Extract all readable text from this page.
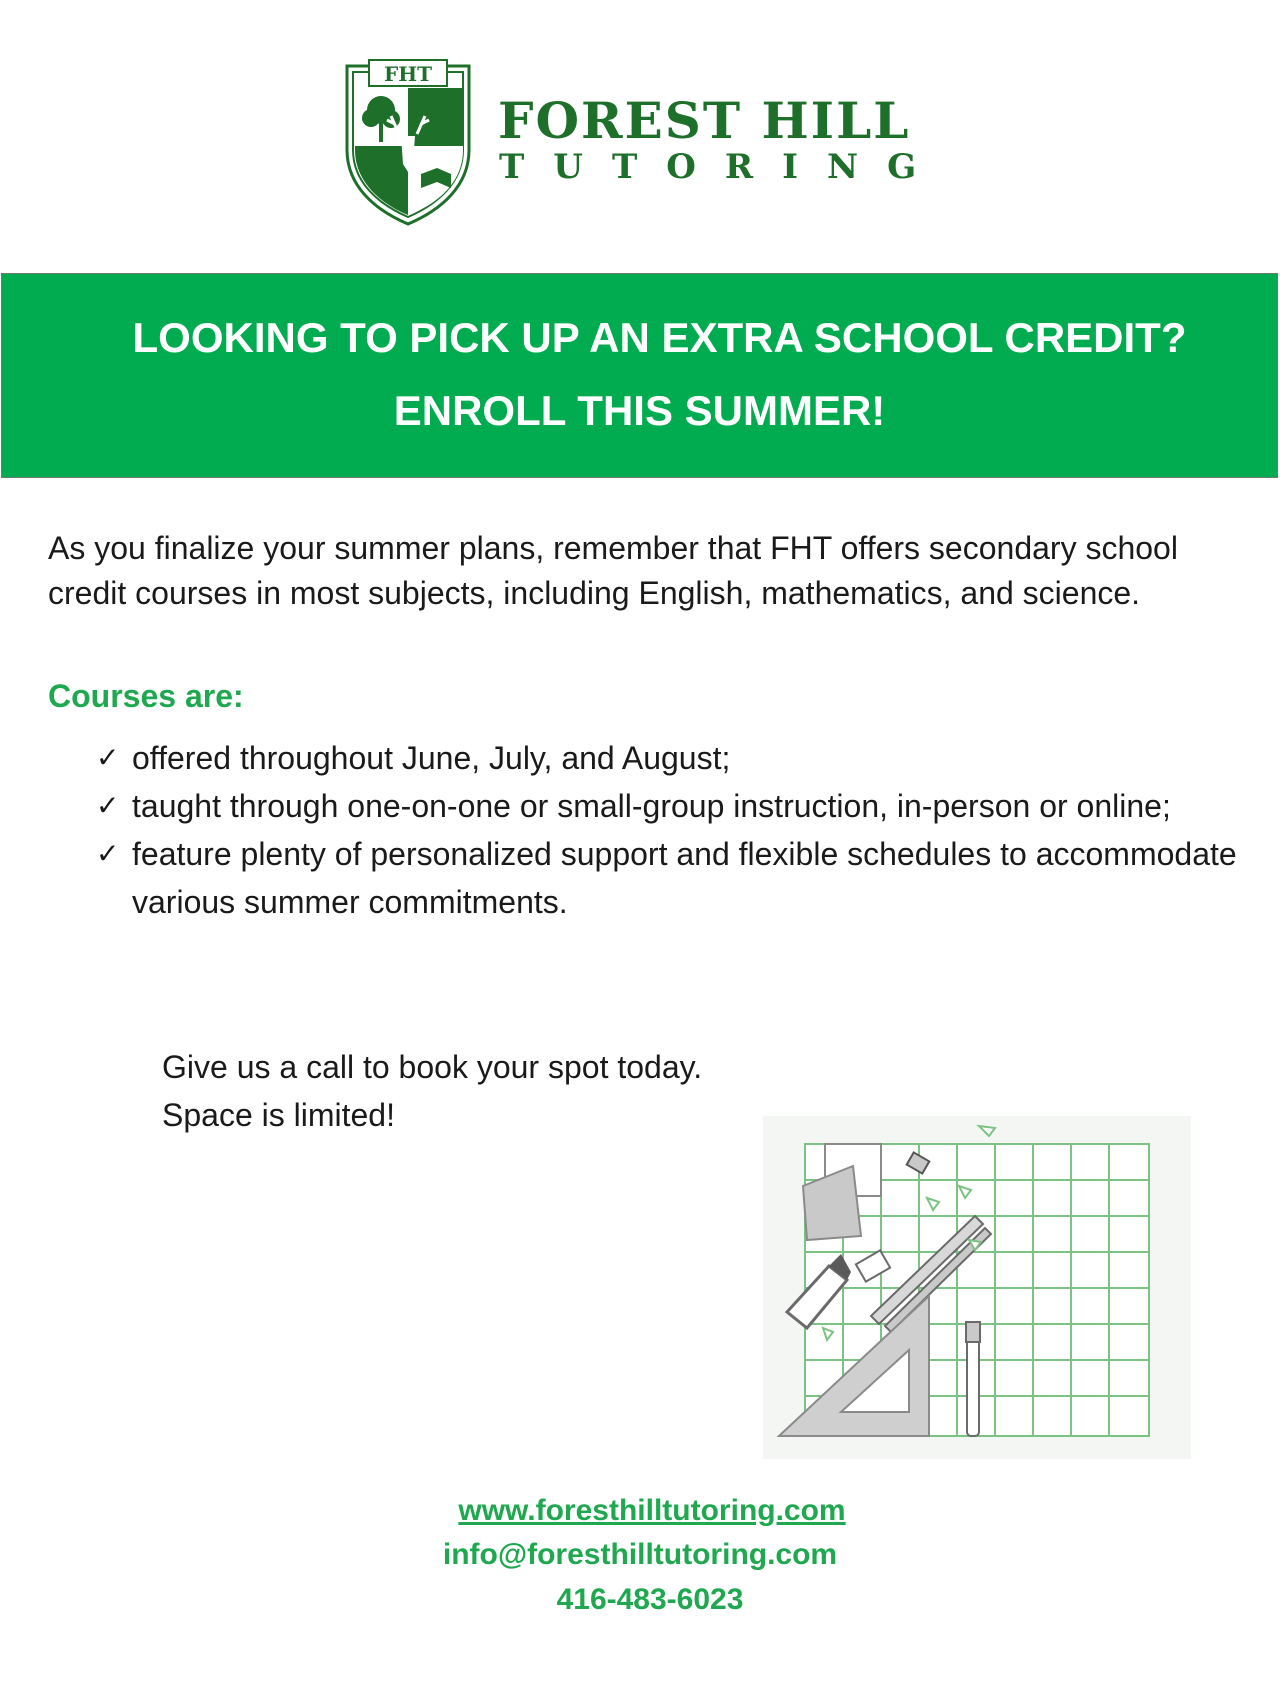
FHT
FOREST HILL
TUTORING
LOOKING TO PICK UP AN EXTRA SCHOOL CREDIT?
ENROLL THIS SUMMER!

As you finalize your summer plans, remember that FHT offers secondary school credit courses in most subjects, including English, mathematics, and science.

Courses are:
✓ offered throughout June, July, and August;
✓ taught through one-on-one or small-group instruction, in-person or online;
✓ feature plenty of personalized support and flexible schedules to accommodate various summer commitments.
Give us a call to book your spot today.
Space is limited!
www.foresthilltutoring.com
info@foresthilltutoring.com
416-483-6023
